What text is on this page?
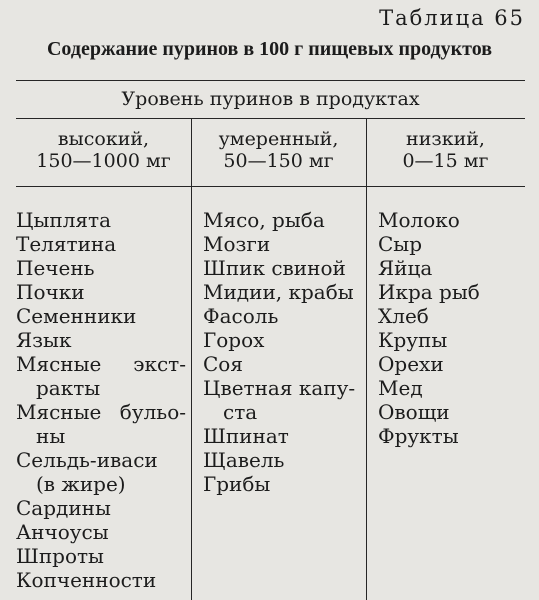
Таблица 65
Содержание пуринов в 100 г пищевых продуктов
Уровень пуринов в продуктах
высокий,
150—1000 мг
умеренный,
50—150 мг
низкий,
0—15 мг
Цыплята
Телятина
Печень
Почки
Семенники
Язык
Мясные экст-
ракты
Мясные бульо-
ны
Сельдь-иваси
(в жире)
Сардины
Анчоусы
Шпроты
Копченности
Мясо, рыба
Мозги
Шпик свиной
Мидии, крабы
Фасоль
Горох
Соя
Цветная капу-
ста
Шпинат
Щавель
Грибы
Молоко
Сыр
Яйца
Икра рыб
Хлеб
Крупы
Орехи
Мед
Овощи
Фрукты
